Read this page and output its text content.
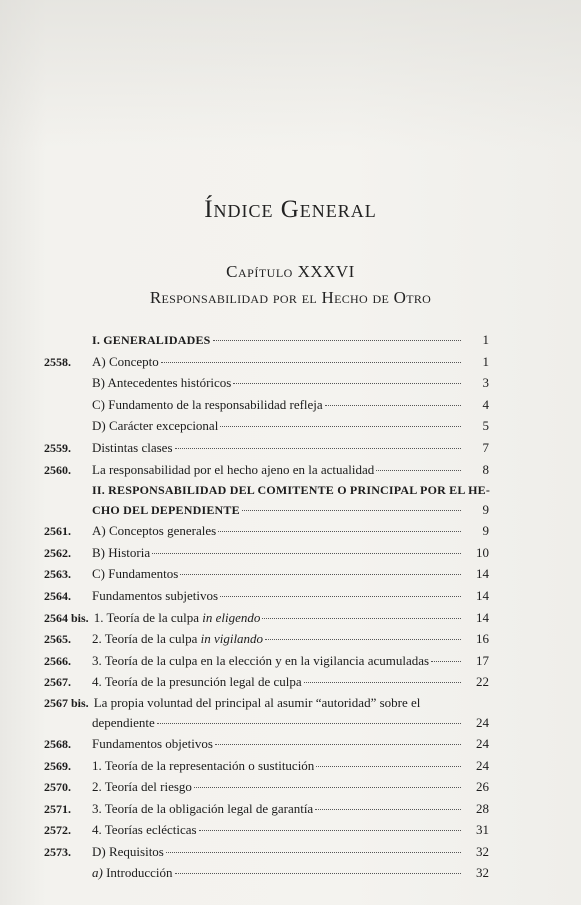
Índice General
Capítulo XXXVI
Responsabilidad por el Hecho de Otro
I. GENERALIDADES	1
2558.	A) Concepto	1
B) Antecedentes históricos	3
C) Fundamento de la responsabilidad refleja	4
D) Carácter excepcional	5
2559.	Distintas clases	7
2560.	La responsabilidad por el hecho ajeno en la actualidad	8
II. RESPONSABILIDAD DEL COMITENTE O PRINCIPAL POR EL HE-
CHO DEL DEPENDIENTE	9
2561.	A) Conceptos generales	9
2562.	B) Historia	10
2563.	C) Fundamentos	14
2564.	Fundamentos subjetivos	14
2564 bis. 1. Teoría de la culpa in eligendo	14
2565.	2. Teoría de la culpa in vigilando	16
2566.	3. Teoría de la culpa en la elección y en la vigilancia acumuladas	17
2567.	4. Teoría de la presunción legal de culpa	22
2567 bis. La propia voluntad del principal al asumir “autoridad” sobre el
dependiente	24
2568.	Fundamentos objetivos	24
2569.	1. Teoría de la representación o sustitución	24
2570.	2. Teoría del riesgo	26
2571.	3. Teoría de la obligación legal de garantía	28
2572.	4. Teorías eclécticas	31
2573.	D) Requisitos	32
a) Introducción	32
